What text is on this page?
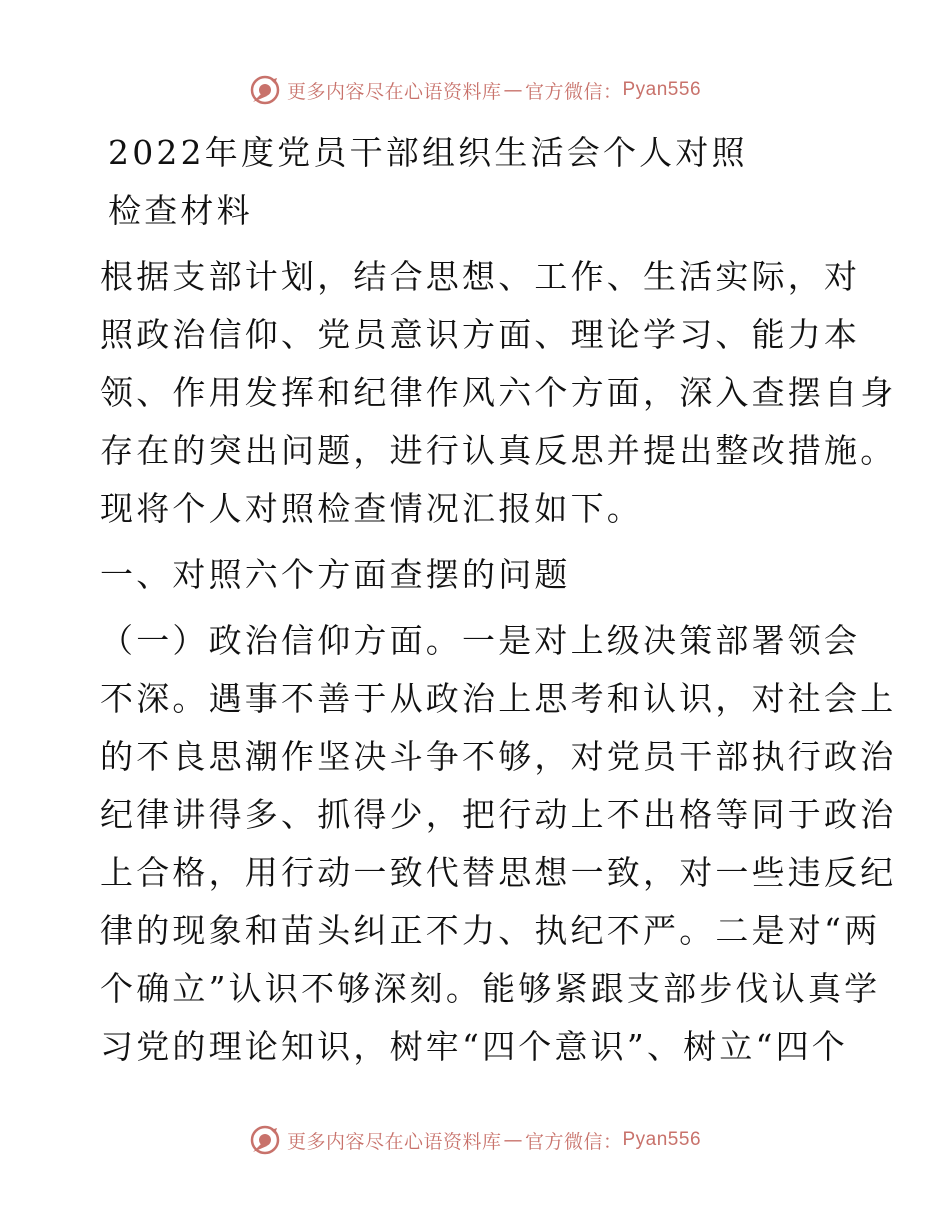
更多内容尽在心语资料库 — 官方微信： Pyan556
2022年度党员干部组织生活会个人对照
检查材料
根据支部计划，结合思想、工作、生活实际，对
照政治信仰、党员意识方面、理论学习、能力本
领、作用发挥和纪律作风六个方面，深入查摆自身
存在的突出问题，进行认真反思并提出整改措施。
现将个人对照检查情况汇报如下。
一、对照六个方面查摆的问题
（一）政治信仰方面。一是对上级决策部署领会
不深。遇事不善于从政治上思考和认识，对社会上
的不良思潮作坚决斗争不够，对党员干部执行政治
纪律讲得多、抓得少，把行动上不出格等同于政治
上合格，用行动一致代替思想一致，对一些违反纪
律的现象和苗头纠正不力、执纪不严。二是对“两
个确立”认识不够深刻。能够紧跟支部步伐认真学
习党的理论知识，树牢“四个意识”、树立“四个
更多内容尽在心语资料库 — 官方微信： Pyan556
